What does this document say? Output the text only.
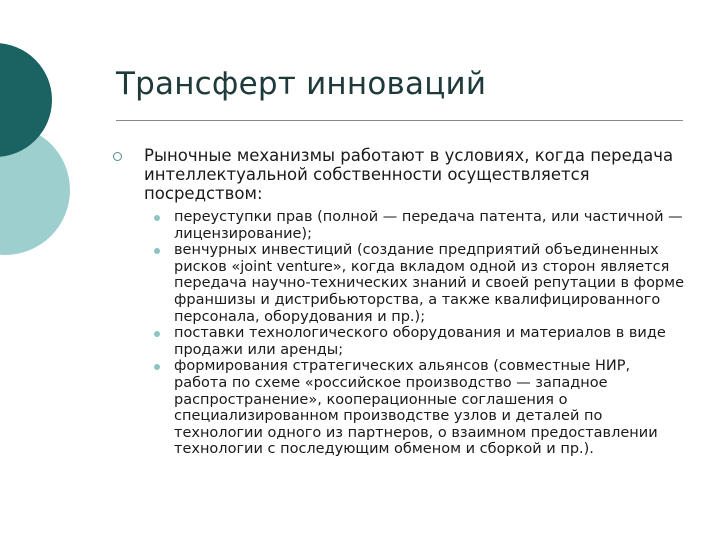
Трансферт инноваций
Рыночные механизмы работают в условиях, когда передача интеллектуальной собственности осуществляется посредством:
переуступки прав (полной — передача патента, или частичной — лицензирование);
венчурных инвестиций (создание предприятий объединенных рисков «joint venture», когда вкладом одной из сторон является передача научно-технических знаний и своей репутации в форме франшизы и дистрибьюторства, а также квалифицированного персонала, оборудования и пр.);
поставки технологического оборудования и материалов в виде продажи или аренды;
формирования стратегических альянсов (совместные НИР, работа по схеме «российское производство — западное распространение», кооперационные соглашения о специализированном производстве узлов и деталей по технологии одного из партнеров, о взаимном предоставлении технологии с последующим обменом и сборкой и пр.).
